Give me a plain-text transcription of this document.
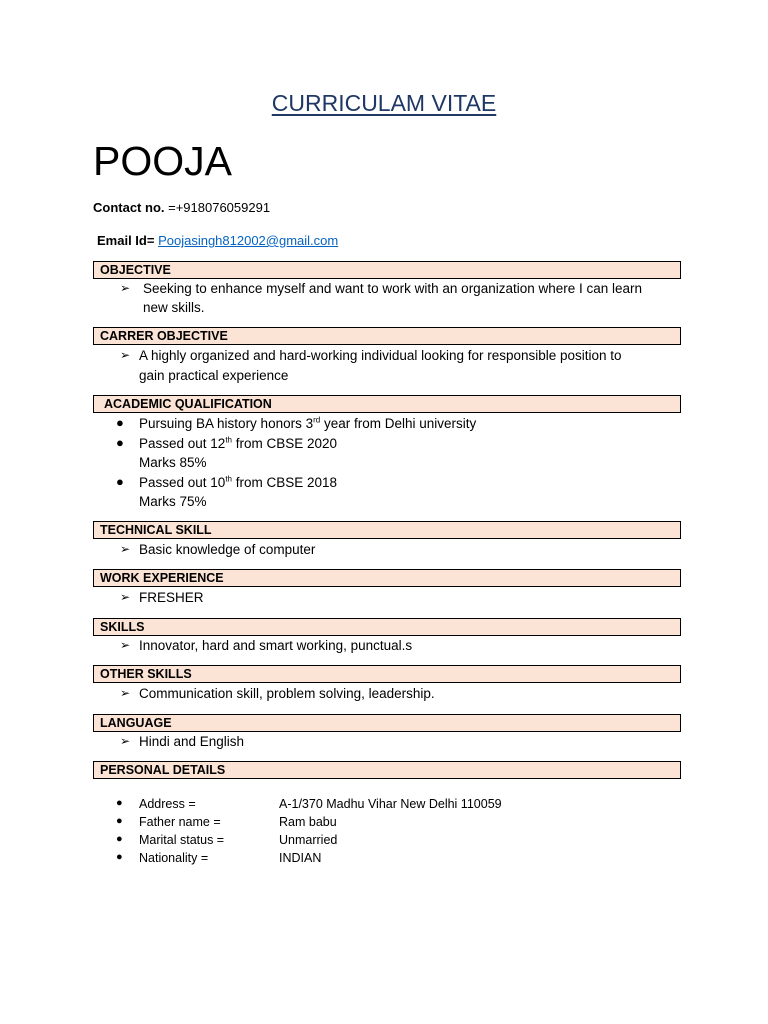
CURRICULAM VITAE
POOJA
Contact no. =+918076059291
Email Id= Poojasingh812002@gmail.com
OBJECTIVE
➢ Seeking to enhance myself and want to work with an organization where I can learn
new skills.
CARRER OBJECTIVE
➢ A highly organized and hard-working individual looking for responsible position to
gain practical experience
ACADEMIC QUALIFICATION
● Pursuing BA history honors 3rd year from Delhi university
● Passed out 12th from CBSE 2020
Marks 85%
● Passed out 10th from CBSE 2018
Marks 75%
TECHNICAL SKILL
➢ Basic knowledge of computer
WORK EXPERIENCE
➢ FRESHER
SKILLS
➢ Innovator, hard and smart working, punctual.s
OTHER SKILLS
➢ Communication skill, problem solving, leadership.
LANGUAGE
➢ Hindi and English
PERSONAL DETAILS
● Address =	A-1/370 Madhu Vihar New Delhi 110059
● Father name =	Ram babu
● Marital status =	Unmarried
● Nationality =	INDIAN
